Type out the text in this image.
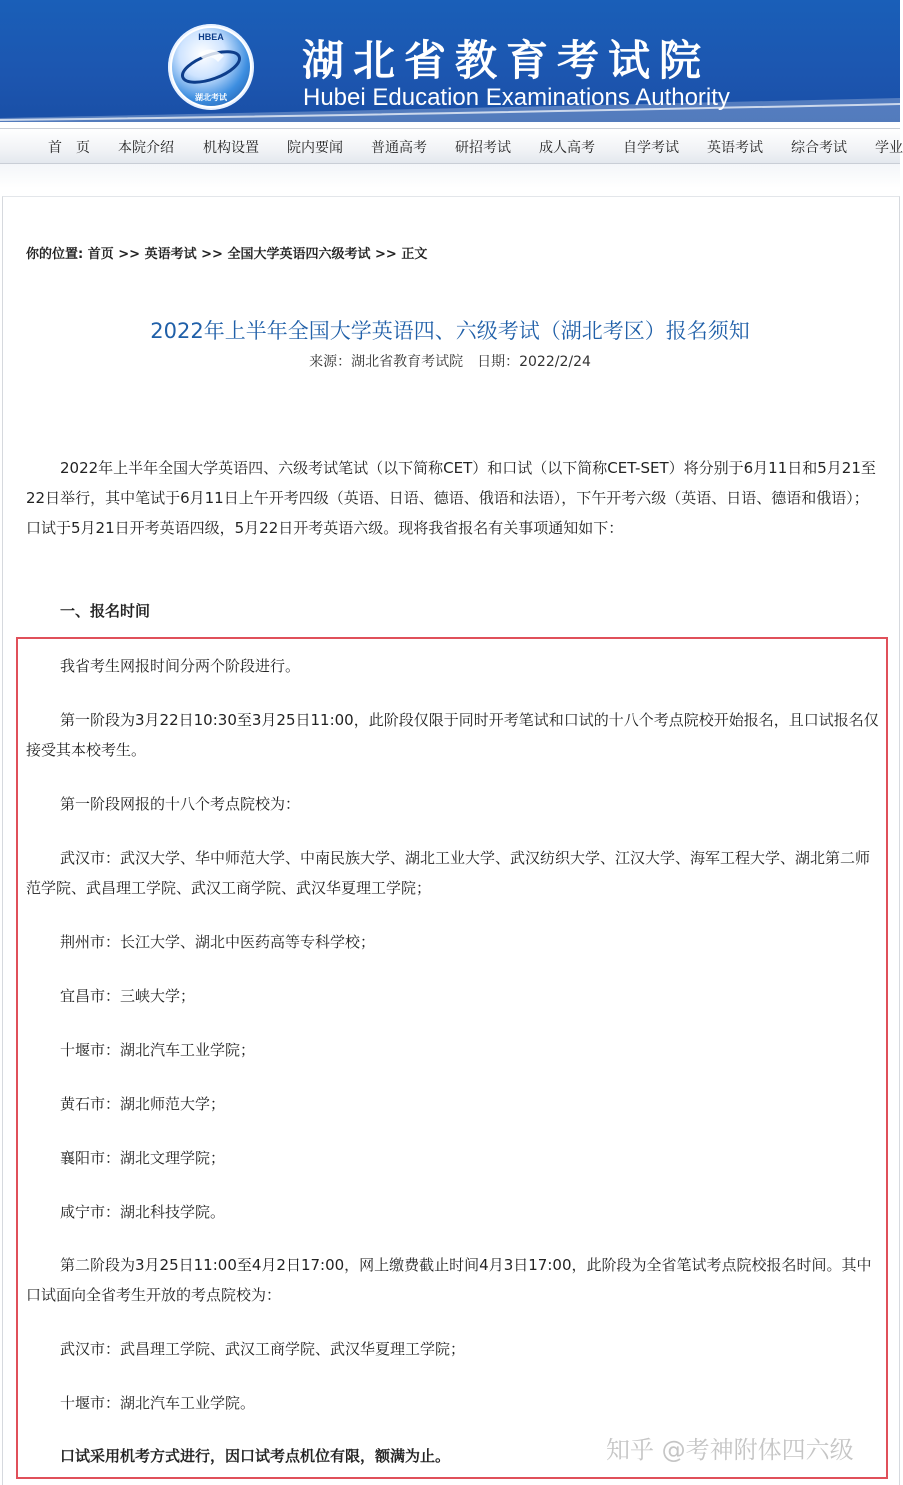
HBEA
湖北考试
湖北省教育考试院
Hubei Education Examinations Authority
首　页 本院介绍 机构设置 院内要闻 普通高考 研招考试 成人高考 自学考试 英语考试 综合考试 学业
你的位置: 首页 >> 英语考试 >> 全国大学英语四六级考试 >> 正文
2022年上半年全国大学英语四、六级考试（湖北考区）报名须知
来源：湖北省教育考试院　日期：2022/2/24
2022年上半年全国大学英语四、六级考试笔试（以下简称CET）和口试（以下简称CET-SET）将分别于6月11日和5月21至22日举行，其中笔试于6月11日上午开考四级（英语、日语、德语、俄语和法语），下午开考六级（英语、日语、德语和俄语）；口试于5月21日开考英语四级，5月22日开考英语六级。现将我省报名有关事项通知如下：
一、报名时间
我省考生网报时间分两个阶段进行。
第一阶段为3月22日10:30至3月25日11:00，此阶段仅限于同时开考笔试和口试的十八个考点院校开始报名，且口试报名仅接受其本校考生。
第一阶段网报的十八个考点院校为：
武汉市：武汉大学、华中师范大学、中南民族大学、湖北工业大学、武汉纺织大学、江汉大学、海军工程大学、湖北第二师范学院、武昌理工学院、武汉工商学院、武汉华夏理工学院；
荆州市：长江大学、湖北中医药高等专科学校；
宜昌市：三峡大学；
十堰市：湖北汽车工业学院；
黄石市：湖北师范大学；
襄阳市：湖北文理学院；
咸宁市：湖北科技学院。
第二阶段为3月25日11:00至4月2日17:00，网上缴费截止时间4月3日17:00，此阶段为全省笔试考点院校报名时间。其中口试面向全省考生开放的考点院校为：
武汉市：武昌理工学院、武汉工商学院、武汉华夏理工学院；
十堰市：湖北汽车工业学院。
口试采用机考方式进行，因口试考点机位有限，额满为止。	知乎 @考神附体四六级
